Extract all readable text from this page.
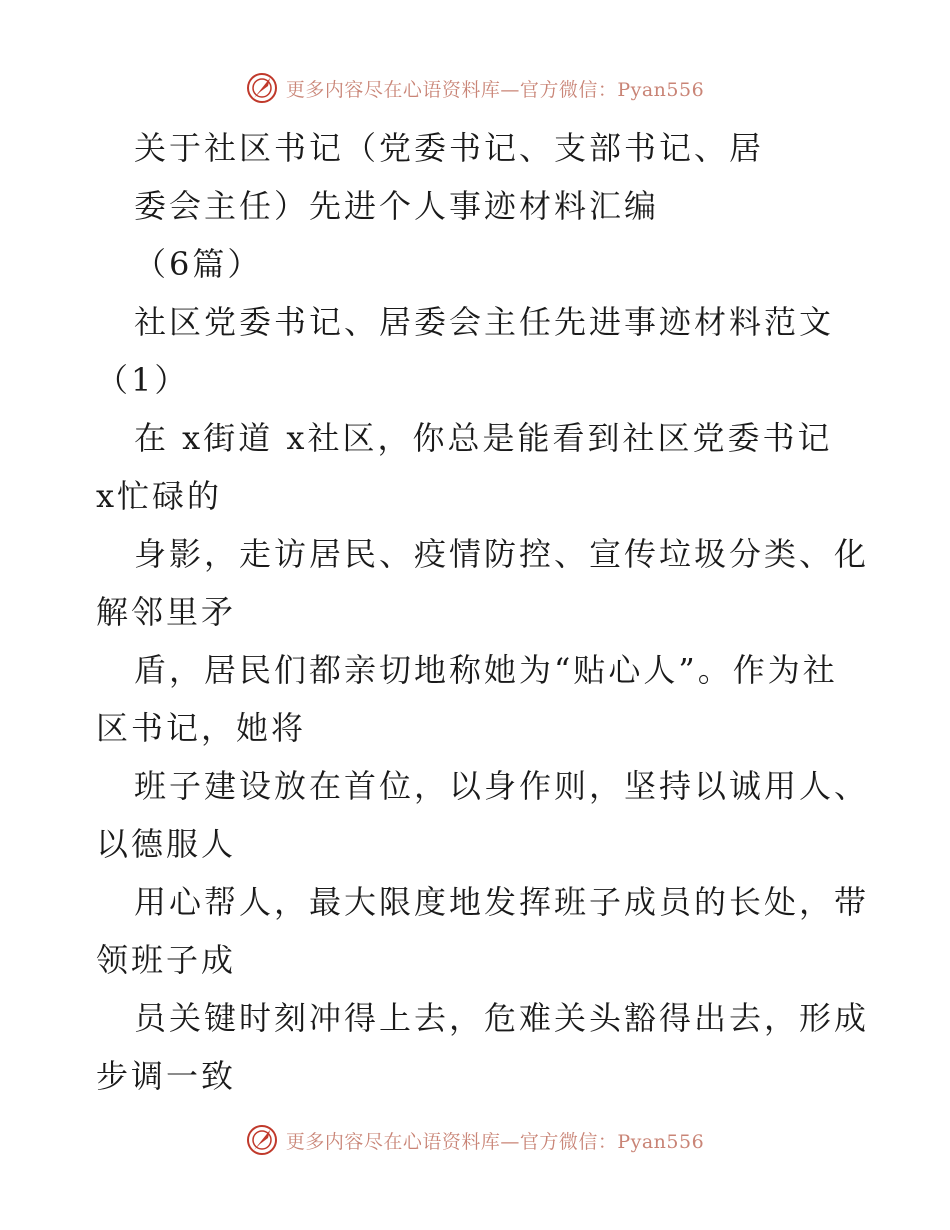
更多内容尽在心语资料库—官方微信：Pyan556

关于社区书记（党委书记、支部书记、居

委会主任）先进个人事迹材料汇编

（6篇）

社区党委书记、居委会主任先进事迹材料范文

（1）

在 x街道 x社区，你总是能看到社区党委书记

x忙碌的

身影，走访居民、疫情防控、宣传垃圾分类、化

解邻里矛

盾，居民们都亲切地称她为“贴心人”。作为社

区书记，她将

班子建设放在首位，以身作则，坚持以诚用人、

以德服人

用心帮人，最大限度地发挥班子成员的长处，带

领班子成

员关键时刻冲得上去，危难关头豁得出去，形成

步调一致

更多内容尽在心语资料库—官方微信：Pyan556
